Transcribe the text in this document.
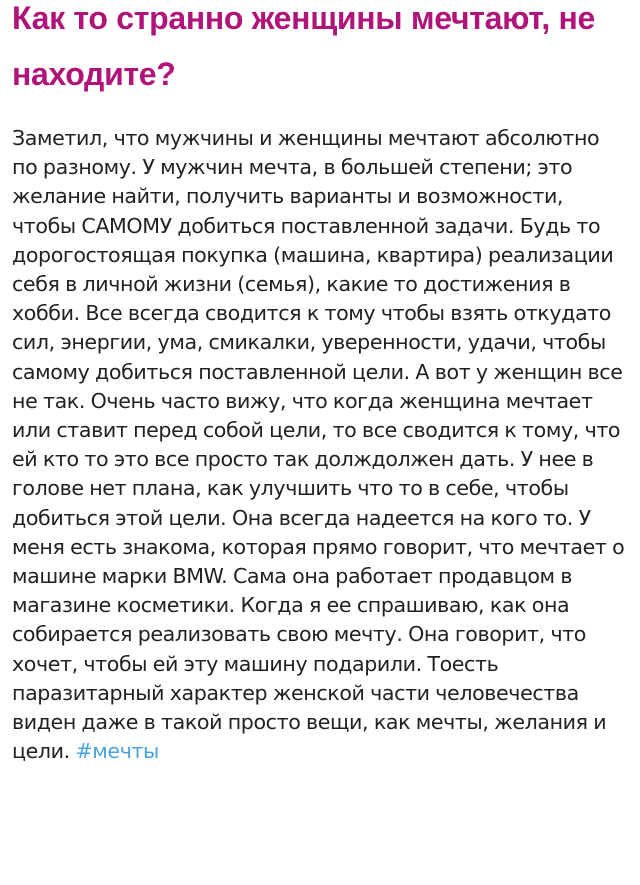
Как то странно женщины мечтают, не находите?

Заметил, что мужчины и женщины мечтают абсолютно по разному. У мужчин мечта, в большей степени; это желание найти, получить варианты и возможности, чтобы САМОМУ добиться поставленной задачи. Будь то дорогостоящая покупка (машина, квартира) реализации себя в личной жизни (семья), какие то достижения в хобби. Все всегда сводится к тому чтобы взять откудато сил, энергии, ума, смикалки, уверенности, удачи, чтобы самому добиться поставленной цели. А вот у женщин все не так. Очень часто вижу, что когда женщина мечтает или ставит перед собой цели, то все сводится к тому, что ей кто то это все просто так долждолжен дать. У нее в голове нет плана, как улучшить что то в себе, чтобы добиться этой цели. Она всегда надеется на кого то. У меня есть знакома, которая прямо говорит, что мечтает о машине марки BMW. Сама она работает продавцом в магазине косметики. Когда я ее спрашиваю, как она собирается реализовать свою мечту. Она говорит, что хочет, чтобы ей эту машину подарили. Тоесть паразитарный характер женской части человечества виден даже в такой просто вещи, как мечты, желания и цели. #мечты
